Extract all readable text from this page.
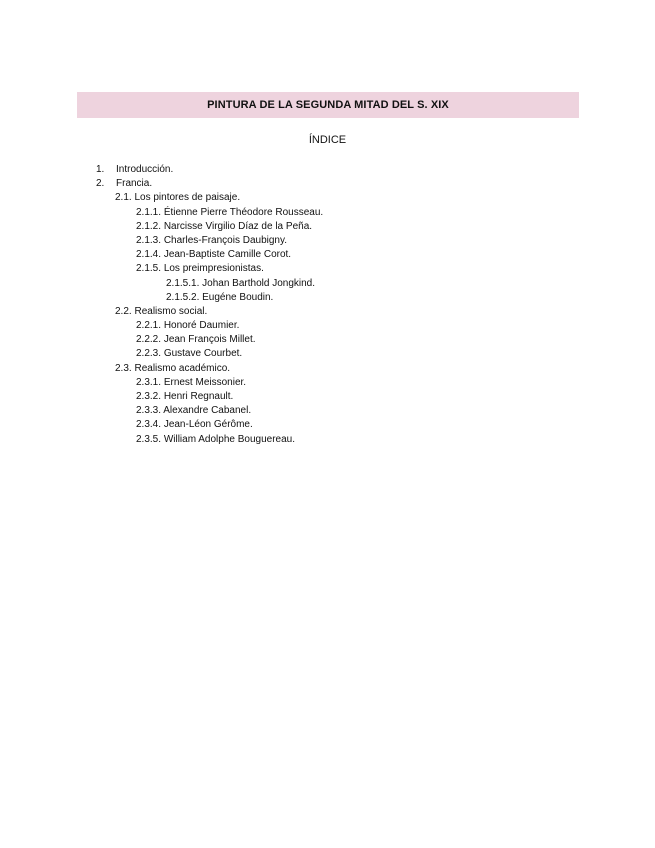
PINTURA DE LA SEGUNDA MITAD DEL S. XIX
ÍNDICE
1. Introducción.
2. Francia.
2.1. Los pintores de paisaje.
2.1.1. Étienne Pierre Théodore Rousseau.
2.1.2. Narcisse Virgilio Díaz de la Peña.
2.1.3. Charles-François Daubigny.
2.1.4. Jean-Baptiste Camille Corot.
2.1.5. Los preimpresionistas.
2.1.5.1. Johan Barthold Jongkind.
2.1.5.2. Eugéne Boudin.
2.2. Realismo social.
2.2.1. Honoré Daumier.
2.2.2. Jean François Millet.
2.2.3. Gustave Courbet.
2.3. Realismo académico.
2.3.1. Ernest Meissonier.
2.3.2. Henri Regnault.
2.3.3. Alexandre Cabanel.
2.3.4. Jean-Léon Gérôme.
2.3.5. William Adolphe Bouguereau.
